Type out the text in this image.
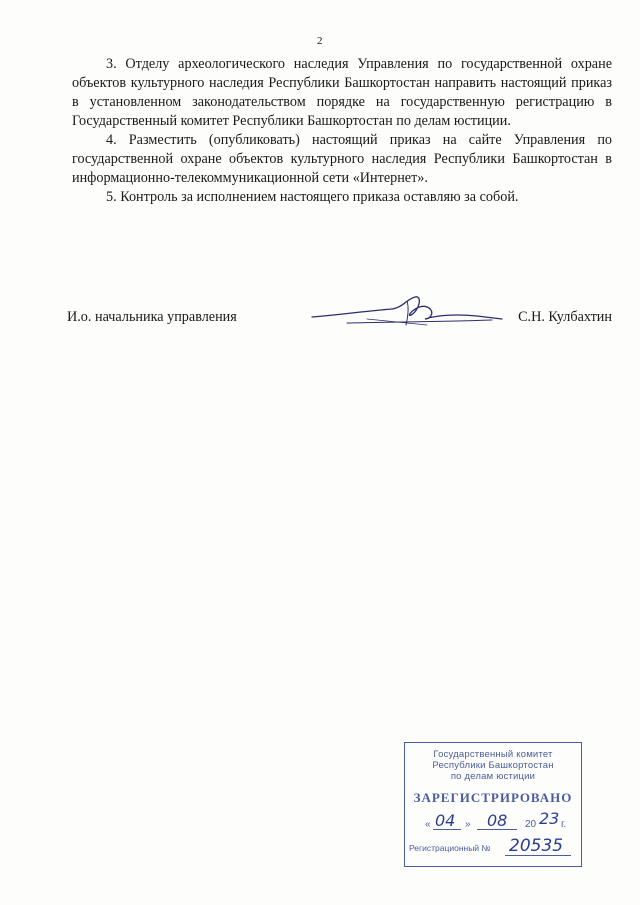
2

3. Отделу археологического наследия Управления по государственной охране объектов культурного наследия Республики Башкортостан направить настоящий приказ в установленном законодательством порядке на государственную регистрацию в Государственный комитет Республики Башкортостан по делам юстиции.

4. Разместить (опубликовать) настоящий приказ на сайте Управления по государственной охране объектов культурного наследия Республики Башкортостан в информационно-телекоммуникационной сети «Интернет».

5. Контроль за исполнением настоящего приказа оставляю за собой.

И.о. начальника управления	С.Н. Кулбахтин
Государственный комитет
Республики Башкортостан
по делам юстиции
ЗАРЕГИСТРИРОВАНО
« 04 » 08 20 23 г.
Регистрационный № 20535
